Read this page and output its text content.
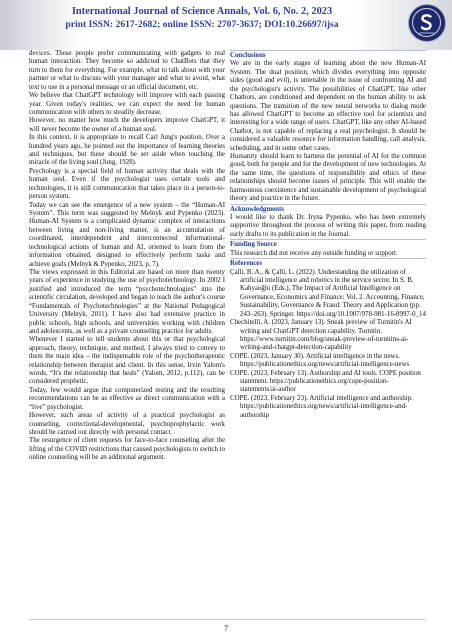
International Journal of Science Annals, Vol. 6, No. 2, 2023
print ISSN: 2617-2682; online ISSN: 2707-3637; DOI:10.26697/ijsa

devices. These people prefer communicating with gadgets to real human interaction. They become so addicted to ChatBots that they turn to them for everything. For example, what to talk about with your partner or what to discuss with your manager and what to avoid, what text to use in a personal message or an official document, etc.

We believe that ChatGPT technology will improve with each passing year. Given today's realities, we can expect the need for human communication with others to steadily decrease.

However, no matter how much the developers improve ChatGPT, it will never become the owner of a human soul.

In this context, it is appropriate to recall Carl Jung's position. Over a hundred years ago, he pointed out the importance of learning theories and techniques, but these should be set aside when touching the miracle of the living soul (Jung, 1928).

Psychology is a special field of human activity that deals with the human soul. Even if the psychologist uses certain tools and technologies, it is still communication that takes place in a person-to-person system.

Today we can see the emergence of a new system – the “Human-AI System”. This term was suggested by Melnyk and Pypenko (2023). Human-AI System is a complicated dynamic complex of interactions between living and non-living matter, is an accumulation of coordinated, interdependent and interconnected informational-technological actions of human and AI, oriented to learn from the information obtained, designed to effectively perform tasks and achieve goals (Melnyk & Pypenko, 2023, p. 7).

The views expressed in this Editorial are based on more than twenty years of experience in studying the use of psychotechnology. In 2002 I justified and introduced the term “psychotechnologies” into the scientific circulation, developed and began to teach the author's course “Fundamentals of Psychotechnologies” at the National Pedagogical University (Melnyk, 2011). I have also had extensive practice in public schools, high schools, and universities working with children and adolescents, as well as a private counseling practice for adults.

Whenever I started to tell students about this or that psychological approach, theory, technique, and method, I always tried to convey to them the main idea – the indispensable role of the psychotherapeutic relationship between therapist and client. In this sense, Irvin Yalom's words, “It's the relationship that heals” (Yalom, 2012, p.112), can be considered prophetic.

Today, few would argue that computerized testing and the resulting recommendations can be as effective as direct communication with a “live” psychologist.

However, such areas of activity of a practical psychologist as counseling, correctional-developmental, psychoprophylactic work should be carried out directly with personal contact.

The resurgence of client requests for face-to-face counseling after the lifting of the COVID restrictions that caused psychologists to switch to online counseling will be an additional argument.

Conclusions

We are in the early stages of learning about the new Human-AI System. The dual position, which divides everything into opposite sides (good and evil), is untenable in the issue of confronting AI and the psychologist's activity. The possibilities of ChatGPT, like other Chatbots, are conditioned and dependent on the human ability to ask questions. The transition of the new neural networks to dialog mode has allowed ChatGPT to become an effective tool for scientists and interesting for a wide range of users. ChatGPT, like any other AI-based Chatbot, is not capable of replacing a real psychologist. It should be considered a valuable resource for information handling, call analysis, scheduling, and in some other cases.

Humanity should learn to harness the potential of AI for the common good, both for people and for the development of new technologies. At the same time, the questions of responsibility and ethics of these relationships should become issues of principle. This will enable the harmonious coexistence and sustainable development of psychological theory and practice in the future.

Acknowledgments

I would like to thank Dr. Iryna Pypenko, who has been extremely supportive throughout the process of writing this paper, from reading early drafts to its publication in the Journal.

Funding Source

This research did not receive any outside funding or support.

References

Çalli, B. A., & Çalli, L. (2022). Understanding the utilization of artificial intelligence and robotics in the service sector. In S. B. Kahyaoğlu (Eds.), The Impact of Artificial Intelligence on Governance, Economics and Finance: Vol. 2. Accounting, Finance, Sustainability, Governance & Fraud: Theory and Application (pp. 243–263). Springer. https://doi.org/10.1007/978-981-16-8997-0_14

Chechitelli, A. (2023, January 13). Sneak preview of Turnitin's AI writing and ChatGPT detection capability. Turnitin. https://www.turnitin.com/blog/sneak-preview-of-turnitins-ai-writing-and-chatgpt-detection-capability

COPE. (2023, January 30). Artificial intelligence in the news. https://publicationethics.org/news/artificial-intelligence-news

COPE. (2023, February 13). Authorship and AI tools. COPE position statement. https://publicationethics.org/cope-position-statements/ai-author

COPE. (2023, February 23). Artificial intelligence and authorship. https://publicationethics.org/news/artificial-intelligence-and-authorship

7
